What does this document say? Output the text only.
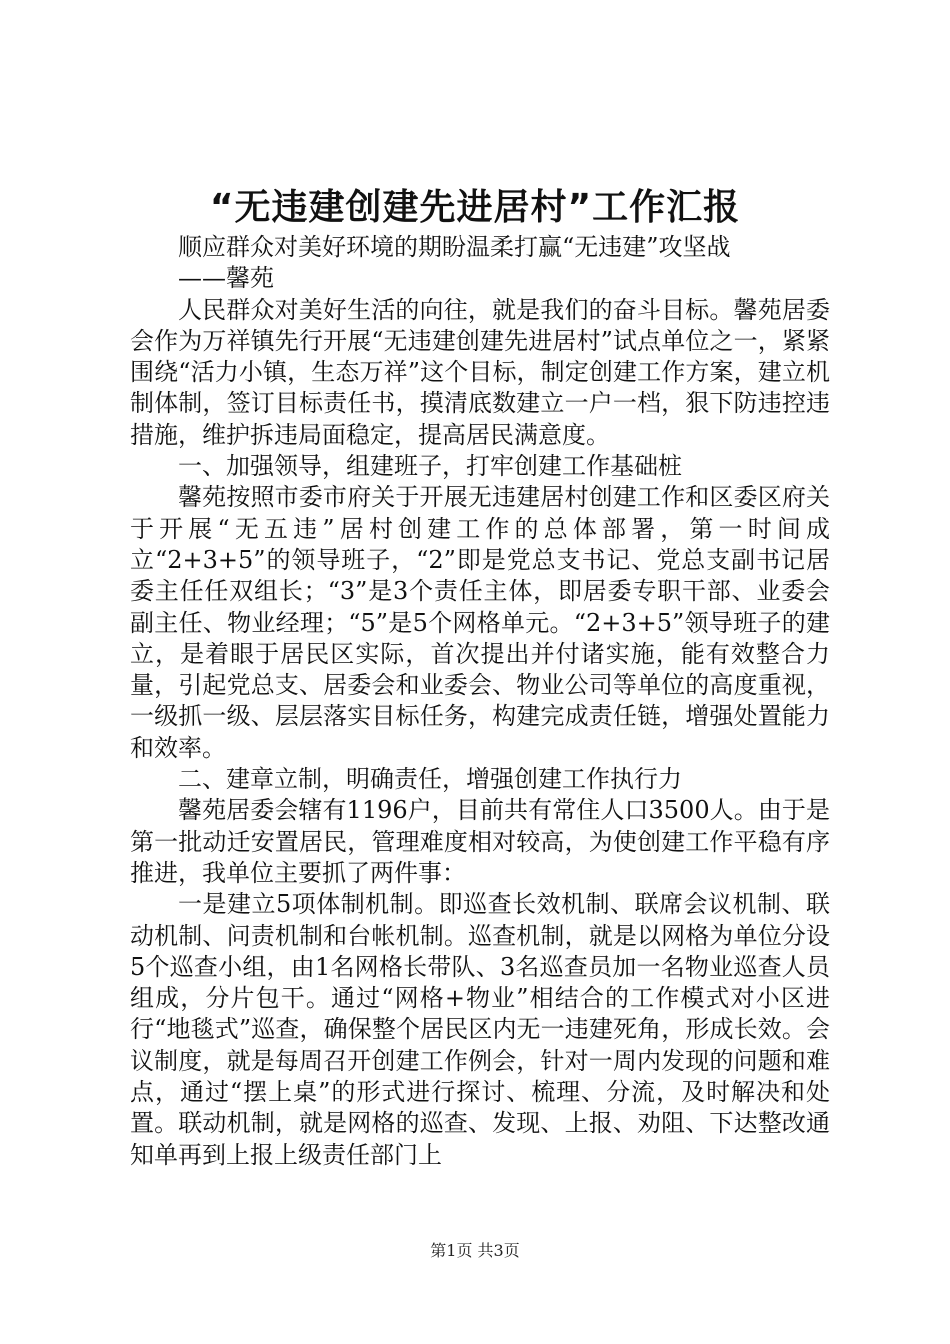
“无违建创建先进居村”工作汇报

顺应群众对美好环境的期盼温柔打赢“无违建”攻坚战

——馨苑

人民群众对美好生活的向往，就是我们的奋斗目标。馨苑居委会作为万祥镇先行开展“无违建创建先进居村”试点单位之一，紧紧围绕“活力小镇，生态万祥”这个目标，制定创建工作方案，建立机制体制，签订目标责任书，摸清底数建立一户一档，狠下防违控违措施，维护拆违局面稳定，提高居民满意度。

一、加强领导，组建班子，打牢创建工作基础桩

馨苑按照市委市府关于开展无违建居村创建工作和区委区府关于开展“无五违”居村创建工作的总体部署，第一时间成立“2+3+5”的领导班子，“2”即是党总支书记、党总支副书记居委主任任双组长；“3”是3个责任主体，即居委专职干部、业委会副主任、物业经理；“5”是5个网格单元。“2+3+5”领导班子的建立，是着眼于居民区实际，首次提出并付诸实施，能有效整合力量，引起党总支、居委会和业委会、物业公司等单位的高度重视，一级抓一级、层层落实目标任务，构建完成责任链，增强处置能力和效率。

二、建章立制，明确责任，增强创建工作执行力

馨苑居委会辖有1196户，目前共有常住人口3500人。由于是第一批动迁安置居民，管理难度相对较高，为使创建工作平稳有序推进，我单位主要抓了两件事：

一是建立5项体制机制。即巡查长效机制、联席会议机制、联动机制、问责机制和台帐机制。巡查机制，就是以网格为单位分设5个巡查小组，由1名网格长带队、3名巡查员加一名物业巡查人员组成，分片包干。通过“网格+物业”相结合的工作模式对小区进行“地毯式”巡查，确保整个居民区内无一违建死角，形成长效。会议制度，就是每周召开创建工作例会，针对一周内发现的问题和难点，通过“摆上桌”的形式进行探讨、梳理、分流，及时解决和处置。联动机制，就是网格的巡查、发现、上报、劝阻、下达整改通知单再到上报上级责任部门上

第1页 共3页
